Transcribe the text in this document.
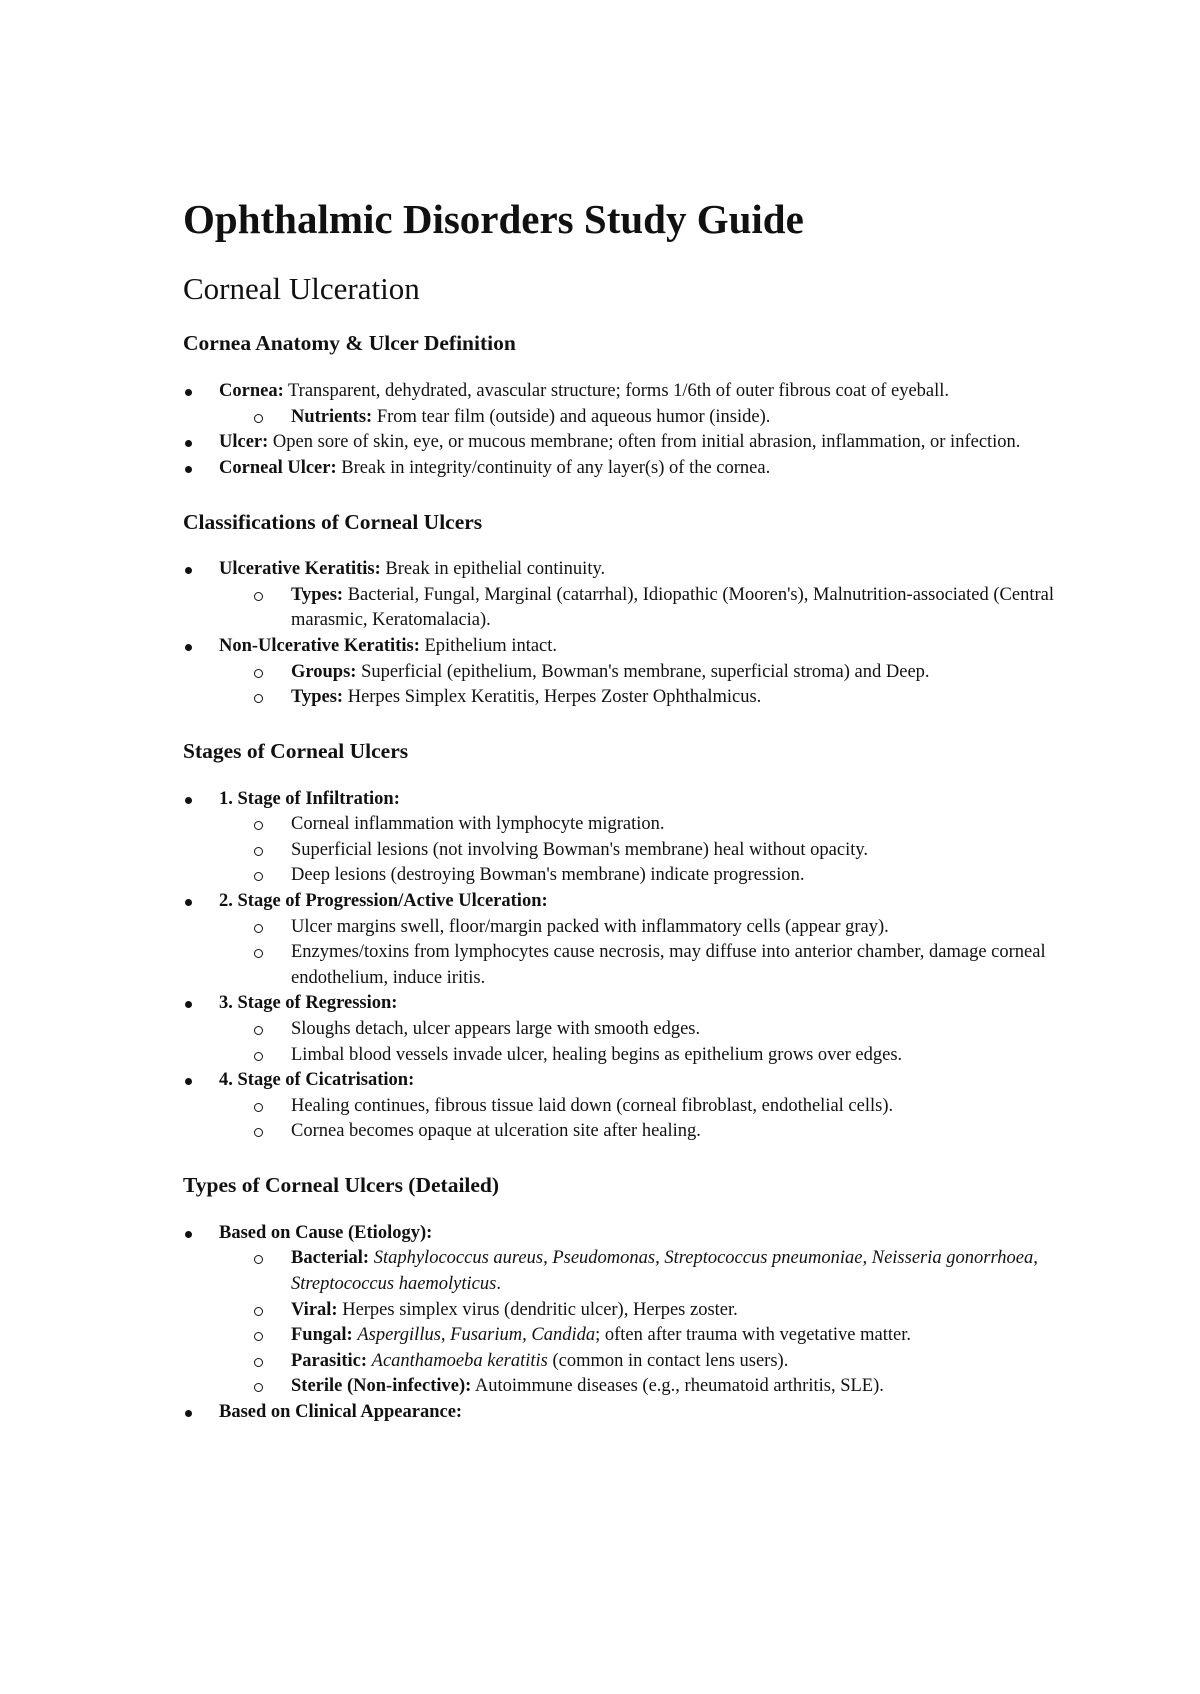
Ophthalmic Disorders Study Guide
Corneal Ulceration
Cornea Anatomy & Ulcer Definition
Cornea: Transparent, dehydrated, avascular structure; forms 1/6th of outer fibrous coat of eyeball.
Nutrients: From tear film (outside) and aqueous humor (inside).
Ulcer: Open sore of skin, eye, or mucous membrane; often from initial abrasion, inflammation, or infection.
Corneal Ulcer: Break in integrity/continuity of any layer(s) of the cornea.
Classifications of Corneal Ulcers
Ulcerative Keratitis: Break in epithelial continuity.
Types: Bacterial, Fungal, Marginal (catarrhal), Idiopathic (Mooren's), Malnutrition-associated (Central marasmic, Keratomalacia).
Non-Ulcerative Keratitis: Epithelium intact.
Groups: Superficial (epithelium, Bowman's membrane, superficial stroma) and Deep.
Types: Herpes Simplex Keratitis, Herpes Zoster Ophthalmicus.
Stages of Corneal Ulcers
1. Stage of Infiltration:
Corneal inflammation with lymphocyte migration.
Superficial lesions (not involving Bowman's membrane) heal without opacity.
Deep lesions (destroying Bowman's membrane) indicate progression.
2. Stage of Progression/Active Ulceration:
Ulcer margins swell, floor/margin packed with inflammatory cells (appear gray).
Enzymes/toxins from lymphocytes cause necrosis, may diffuse into anterior chamber, damage corneal endothelium, induce iritis.
3. Stage of Regression:
Sloughs detach, ulcer appears large with smooth edges.
Limbal blood vessels invade ulcer, healing begins as epithelium grows over edges.
4. Stage of Cicatrisation:
Healing continues, fibrous tissue laid down (corneal fibroblast, endothelial cells).
Cornea becomes opaque at ulceration site after healing.
Types of Corneal Ulcers (Detailed)
Based on Cause (Etiology):
Bacterial: Staphylococcus aureus, Pseudomonas, Streptococcus pneumoniae, Neisseria gonorrhoea, Streptococcus haemolyticus.
Viral: Herpes simplex virus (dendritic ulcer), Herpes zoster.
Fungal: Aspergillus, Fusarium, Candida; often after trauma with vegetative matter.
Parasitic: Acanthamoeba keratitis (common in contact lens users).
Sterile (Non-infective): Autoimmune diseases (e.g., rheumatoid arthritis, SLE).
Based on Clinical Appearance:
